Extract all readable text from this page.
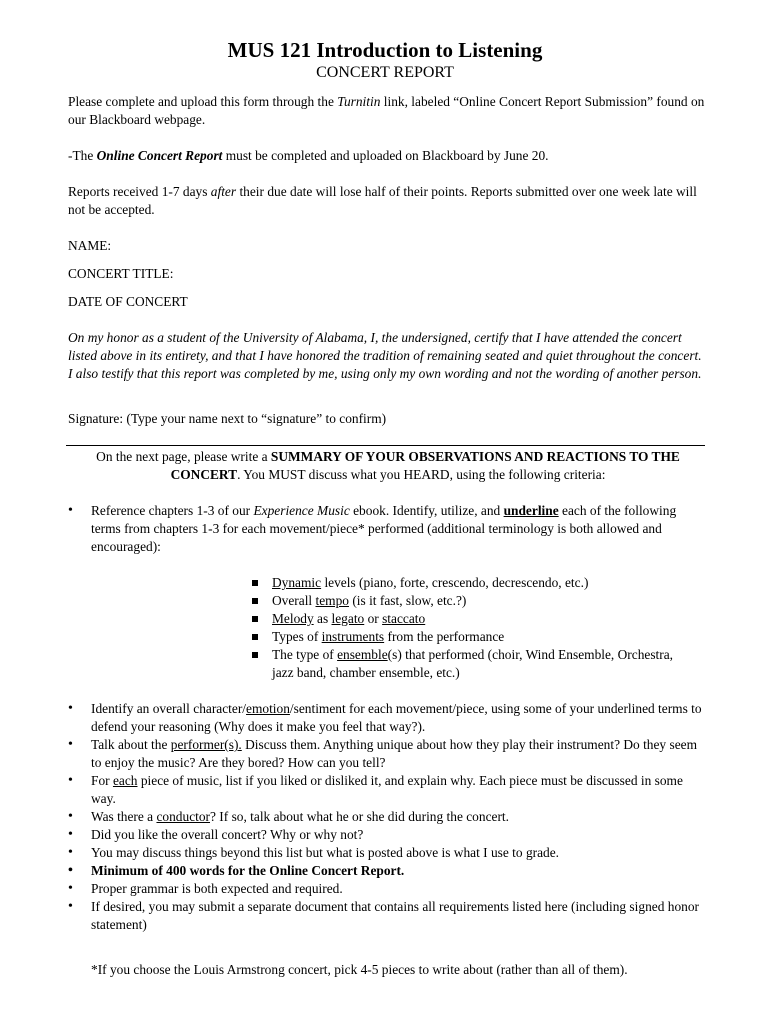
MUS 121 Introduction to Listening
CONCERT REPORT
Please complete and upload this form through the Turnitin link, labeled “Online Concert Report Submission” found on our Blackboard webpage.
-The Online Concert Report must be completed and uploaded on Blackboard by June 20.
Reports received 1-7 days after their due date will lose half of their points. Reports submitted over one week late will not be accepted.
NAME:
CONCERT TITLE:
DATE OF CONCERT
On my honor as a student of the University of Alabama, I, the undersigned, certify that I have attended the concert listed above in its entirety, and that I have honored the tradition of remaining seated and quiet throughout the concert. I also testify that this report was completed by me, using only my own wording and not the wording of another person.
Signature: (Type your name next to “signature” to confirm)
On the next page, please write a SUMMARY OF YOUR OBSERVATIONS AND REACTIONS TO THE CONCERT. You MUST discuss what you HEARD, using the following criteria:
• Reference chapters 1-3 of our Experience Music ebook. Identify, utilize, and underline each of the following terms from chapters 1-3 for each movement/piece* performed (additional terminology is both allowed and encouraged):
Dynamic levels (piano, forte, crescendo, decrescendo, etc.)
Overall tempo (is it fast, slow, etc.?)
Melody as legato or staccato
Types of instruments from the performance
The type of ensemble(s) that performed (choir, Wind Ensemble, Orchestra, jazz band, chamber ensemble, etc.)
• Identify an overall character/emotion/sentiment for each movement/piece, using some of your underlined terms to defend your reasoning (Why does it make you feel that way?).
• Talk about the performer(s). Discuss them. Anything unique about how they play their instrument? Do they seem to enjoy the music? Are they bored? How can you tell?
• For each piece of music, list if you liked or disliked it, and explain why. Each piece must be discussed in some way.
• Was there a conductor? If so, talk about what he or she did during the concert.
• Did you like the overall concert? Why or why not?
• You may discuss things beyond this list but what is posted above is what I use to grade.
• Minimum of 400 words for the Online Concert Report.
• Proper grammar is both expected and required.
• If desired, you may submit a separate document that contains all requirements listed here (including signed honor statement)
*If you choose the Louis Armstrong concert, pick 4-5 pieces to write about (rather than all of them).
